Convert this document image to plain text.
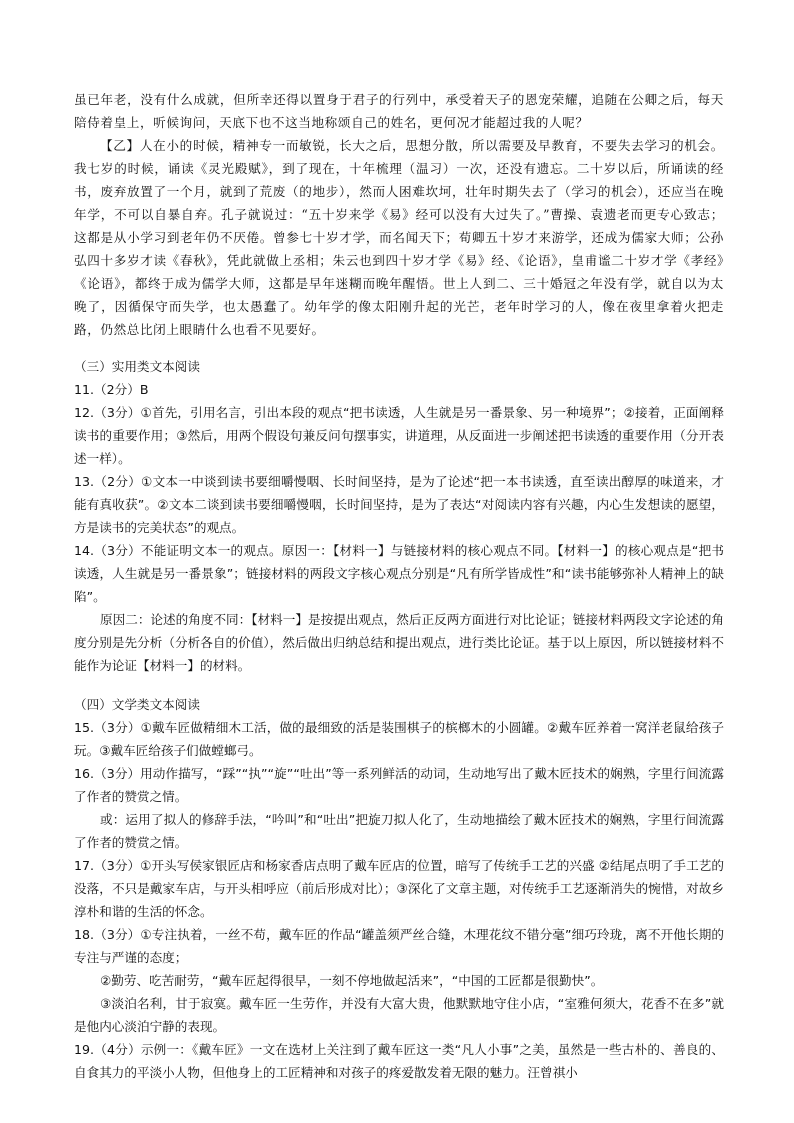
虽已年老，没有什么成就，但所幸还得以置身于君子的行列中，承受着天子的恩宠荣耀，追随在公卿之后，每天陪侍着皇上，听候询问，天底下也不这当地称颂自己的姓名，更何况才能超过我的人呢？

【乙】人在小的时候，精神专一而敏锐，长大之后，思想分散，所以需要及早教育，不要失去学习的机会。我七岁的时候，诵读《灵光殿赋》，到了现在，十年梳理（温习）一次，还没有遗忘。二十岁以后，所诵读的经书，废弃放置了一个月，就到了荒废（的地步），然而人困难坎坷，壮年时期失去了（学习的机会），还应当在晚年学，不可以自暴自弃。孔子就说过：“五十岁来学《易》经可以没有大过失了。”曹操、袁遗老而更专心致志；这都是从小学习到老年仍不厌倦。曾参七十岁才学，而名闻天下；荀卿五十岁才来游学，还成为儒家大师；公孙弘四十多岁才读《春秋》，凭此就做上丞相；朱云也到四十岁才学《易》经、《论语》，皇甫谧二十岁才学《孝经》《论语》，都终于成为儒学大师，这都是早年迷糊而晚年醒悟。世上人到二、三十婚冠之年没有学，就自以为太晚了，因循保守而失学，也太愚蠢了。幼年学的像太阳刚升起的光芒，老年时学习的人，像在夜里拿着火把走路，仍然总比闭上眼睛什么也看不见要好。

（三）实用类文本阅读

11.（2分）B

12.（3分）①首先，引用名言，引出本段的观点“把书读透，人生就是另一番景象、另一种境界”；②接着，正面阐释读书的重要作用；③然后，用两个假设句兼反问句摆事实，讲道理，从反面进一步阐述把书读透的重要作用（分开表述一样）。

13.（2分）①文本一中谈到读书要细嚼慢咽、长时间坚持，是为了论述“把一本书读透，直至读出醇厚的味道来，才能有真收获”。②文本二谈到读书要细嚼慢咽，长时间坚持，是为了表达“对阅读内容有兴趣，内心生发想读的愿望，方是读书的完美状态”的观点。

14.（3分）不能证明文本一的观点。原因一：【材料一】与链接材料的核心观点不同。【材料一】的核心观点是“把书读透，人生就是另一番景象”；链接材料的两段文字核心观点分别是“凡有所学皆成性”和“读书能够弥补人精神上的缺陷”。

原因二：论述的角度不同：【材料一】是按提出观点，然后正反两方面进行对比论证；链接材料两段文字论述的角度分别是先分析（分析各自的价值），然后做出归纳总结和提出观点，进行类比论证。基于以上原因，所以链接材料不能作为论证【材料一】的材料。

（四）文学类文本阅读

15.（3分）①戴车匠做精细木工活，做的最细致的活是装围棋子的槟榔木的小圆罐。②戴车匠养着一窝洋老鼠给孩子玩。③戴车匠给孩子们做螳螂弓。

16.（3分）用动作描写，“踩”“执”“旋”“吐出”等一系列鲜活的动词，生动地写出了戴木匠技术的娴熟，字里行间流露了作者的赞赏之情。

或：运用了拟人的修辞手法，“吟叫”和“吐出”把旋刀拟人化了，生动地描绘了戴木匠技术的娴熟，字里行间流露了作者的赞赏之情。

17.（3分）①开头写侯家银匠店和杨家香店点明了戴车匠店的位置，暗写了传统手工艺的兴盛 ②结尾点明了手工艺的没落，不只是戴家车店，与开头相呼应（前后形成对比）；③深化了文章主题，对传统手工艺逐渐消失的惋惜，对故乡淳朴和谐的生活的怀念。

18.（3分）①专注执着，一丝不苟，戴车匠的作品“罐盖须严丝合缝，木理花纹不错分毫”细巧玲珑，离不开他长期的专注与严谨的态度；

②勤劳、吃苦耐劳，“戴车匠起得很早，一刻不停地做起活来”，“中国的工匠都是很勤快”。

③淡泊名利，甘于寂寞。戴车匠一生劳作，并没有大富大贵，他默默地守住小店，“室雅何须大，花香不在多”就是他内心淡泊宁静的表现。

19.（4分）示例一：《戴车匠》一文在选材上关注到了戴车匠这一类“凡人小事”之美，虽然是一些古朴的、善良的、自食其力的平淡小人物，但他身上的工匠精神和对孩子的疼爱散发着无限的魅力。汪曾祺小
